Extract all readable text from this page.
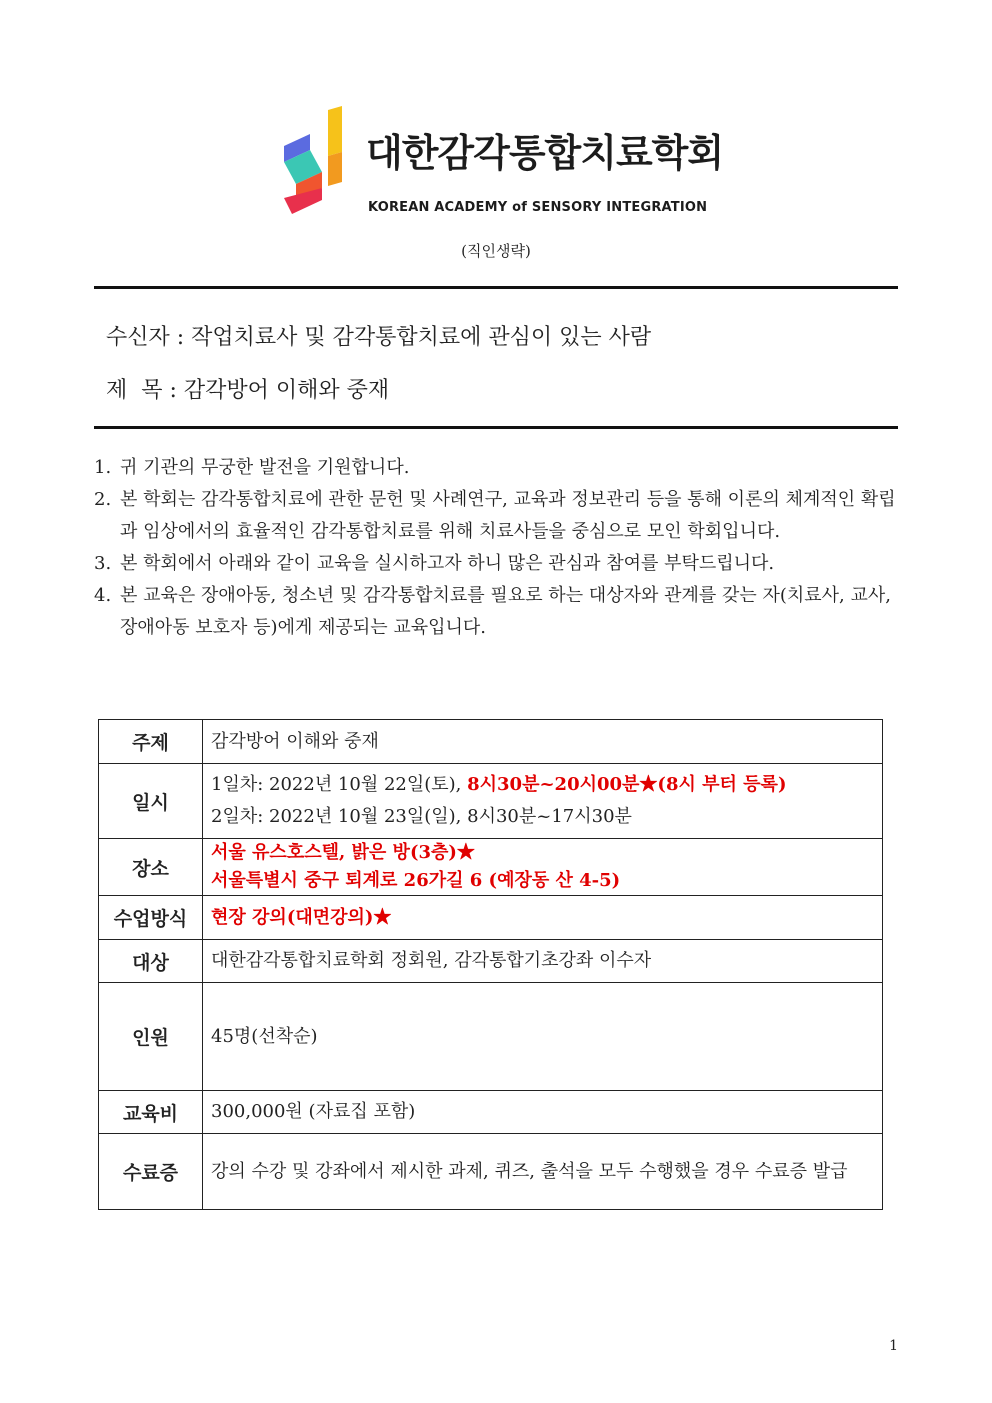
대한감각통합치료학회
KOREAN ACADEMY of SENSORY INTEGRATION
(직인생략)
수신자 : 작업치료사 및 감각통합치료에 관심이 있는 사람
제  목 : 감각방어 이해와 중재
1. 귀 기관의 무궁한 발전을 기원합니다.
2. 본 학회는 감각통합치료에 관한 문헌 및 사례연구, 교육과 정보관리 등을 통해 이론의 체계적인 확립과 임상에서의 효율적인 감각통합치료를 위해 치료사들을 중심으로 모인 학회입니다.
3. 본 학회에서 아래와 같이 교육을 실시하고자 하니 많은 관심과 참여를 부탁드립니다.
4. 본 교육은 장애아동, 청소년 및 감각통합치료를 필요로 하는 대상자와 관계를 갖는 자(치료사, 교사, 장애아동 보호자 등)에게 제공되는 교육입니다.
주제	감각방어 이해와 중재
일시	1일차: 2022년 10월 22일(토), 8시30분~20시00분★(8시 부터 등록)
2일차: 2022년 10월 23일(일), 8시30분~17시30분

장소	서울 유스호스텔, 밝은 방(3층)★
서울특별시 중구 퇴계로 26가길 6 (예장동 산 4-5)

수업방식	현장 강의(대면강의)★
대상	대한감각통합치료학회 정회원, 감각통합기초강좌 이수자
인원	45명(선착순)
교육비	300,000원 (자료집 포함)
수료증	강의 수강 및 강좌에서 제시한 과제, 퀴즈, 출석을 모두 수행했을 경우 수료증 발급
1
